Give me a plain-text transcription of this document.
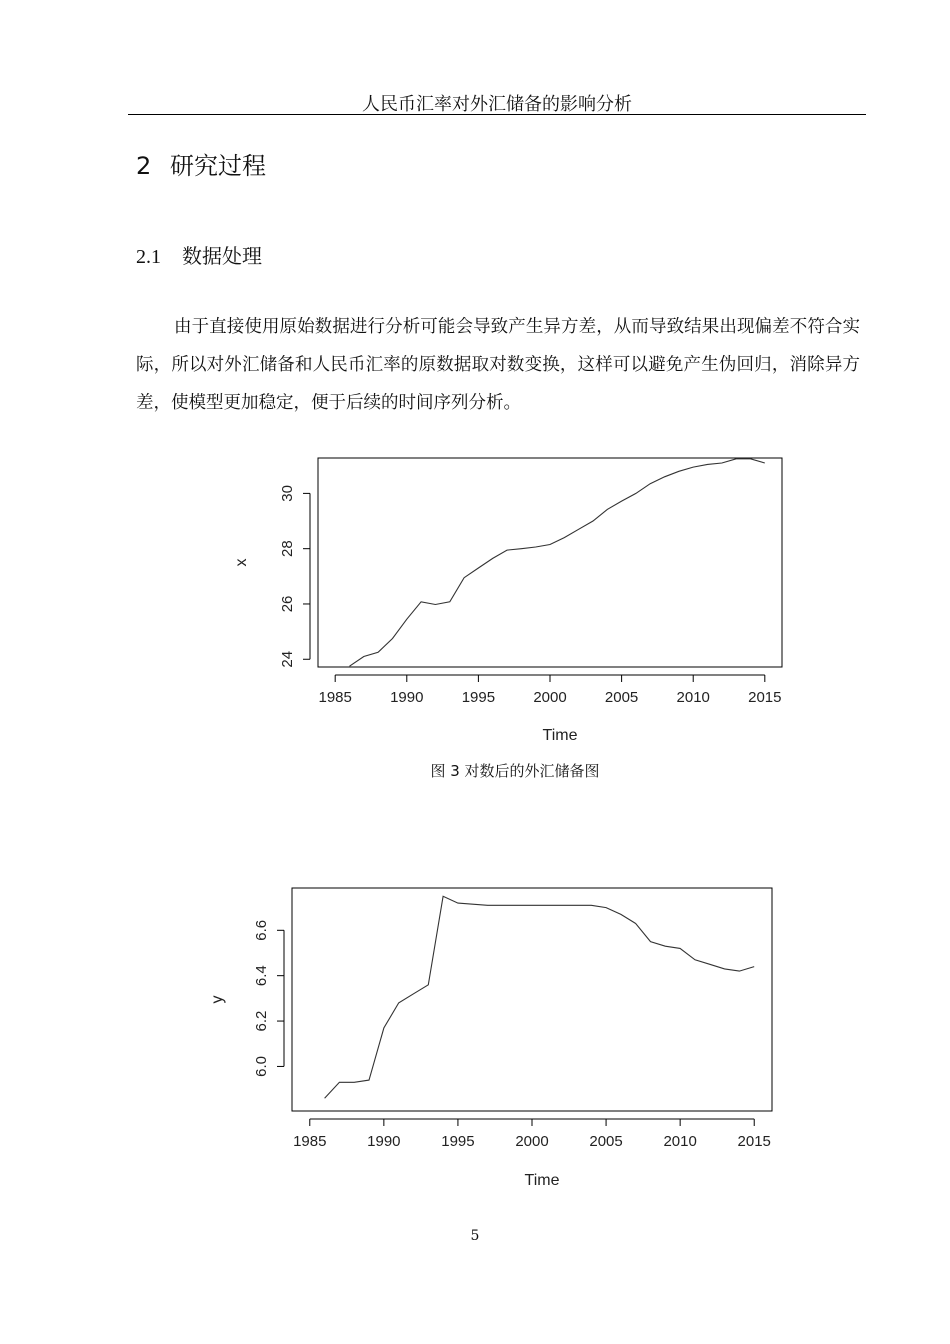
人民币汇率对外汇储备的影响分析
2 研究过程
2.1 数据处理
由于直接使用原始数据进行分析可能会导致产生异方差，从而导致结果出现偏差不符合实际，所以对外汇储备和人民币汇率的原数据取对数变换，这样可以避免产生伪回归，消除异方差，使模型更加稳定，便于后续的时间序列分析。
1985	1990	1995	2000	2005	2010	2015
24
26
28
30
Time
x
图 3 对数后的外汇储备图
1985	1990	1995	2000	2005	2010	2015
6.0
6.2
6.4
6.6
Time
y
5
